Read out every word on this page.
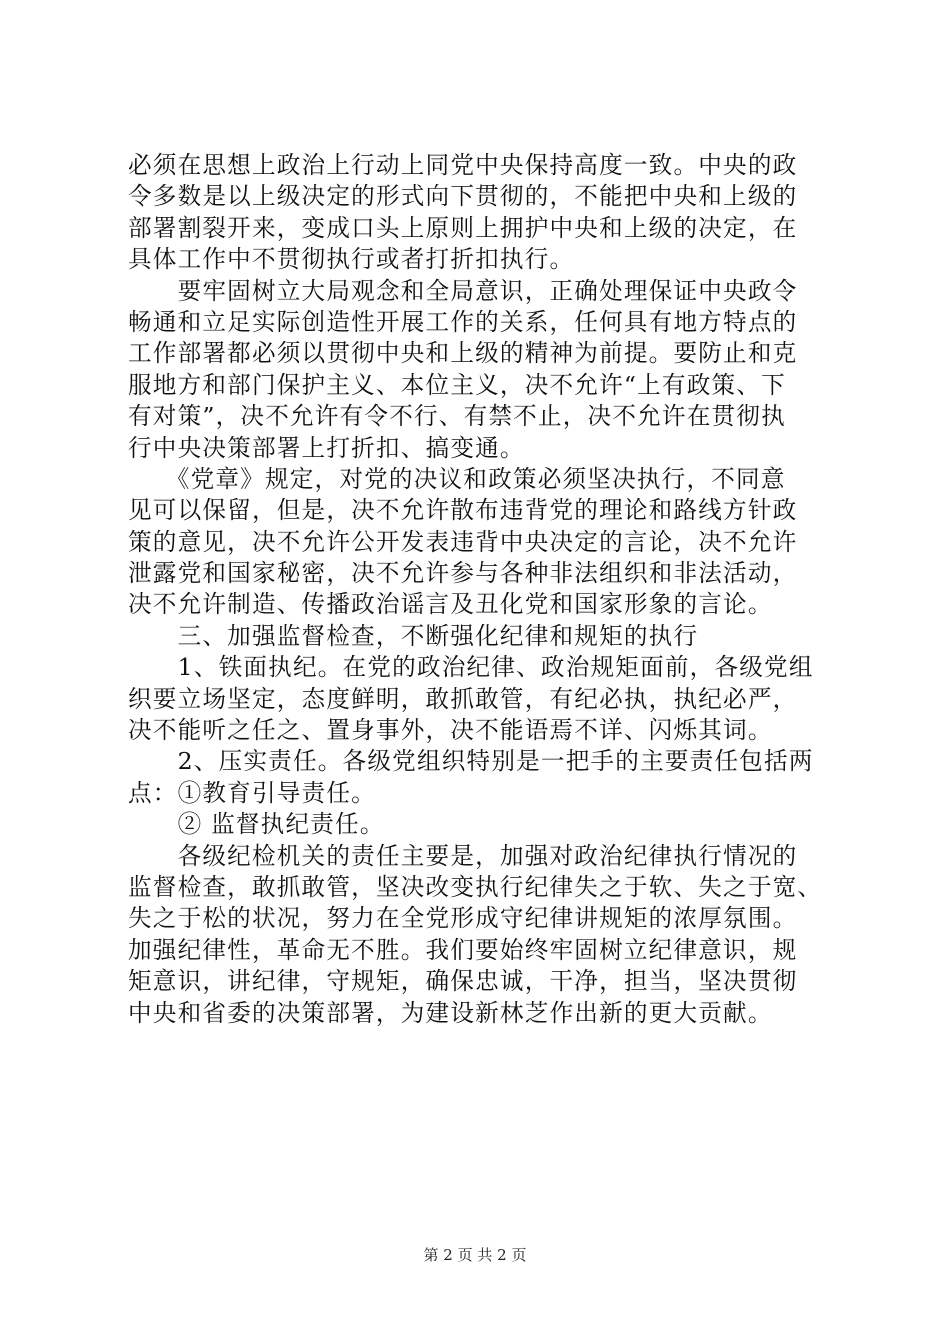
必须在思想上政治上行动上同党中央保持高度一致。中央的政
令多数是以上级决定的形式向下贯彻的，不能把中央和上级的
部署割裂开来，变成口头上原则上拥护中央和上级的决定，在
具体工作中不贯彻执行或者打折扣执行。
　　要牢固树立大局观念和全局意识，正确处理保证中央政令
畅通和立足实际创造性开展工作的关系，任何具有地方特点的
工作部署都必须以贯彻中央和上级的精神为前提。要防止和克
服地方和部门保护主义、本位主义，决不允许“上有政策、下
有对策”，决不允许有令不行、有禁不止，决不允许在贯彻执
行中央决策部署上打折扣、搞变通。
　　《党章》规定，对党的决议和政策必须坚决执行，不同意
见可以保留，但是，决不允许散布违背党的理论和路线方针政
策的意见，决不允许公开发表违背中央决定的言论，决不允许
泄露党和国家秘密，决不允许参与各种非法组织和非法活动，
决不允许制造、传播政治谣言及丑化党和国家形象的言论。
　　三、加强监督检查，不断强化纪律和规矩的执行
　　1、铁面执纪。在党的政治纪律、政治规矩面前，各级党组
织要立场坚定，态度鲜明，敢抓敢管，有纪必执，执纪必严，
决不能听之任之、置身事外，决不能语焉不详、闪烁其词。
　　2、压实责任。各级党组织特别是一把手的主要责任包括两
点：①教育引导责任。
　　② 监督执纪责任。
　　各级纪检机关的责任主要是，加强对政治纪律执行情况的
监督检查，敢抓敢管，坚决改变执行纪律失之于软、失之于宽、
失之于松的状况，努力在全党形成守纪律讲规矩的浓厚氛围。
加强纪律性，革命无不胜。我们要始终牢固树立纪律意识，规
矩意识，讲纪律，守规矩，确保忠诚，干净，担当，坚决贯彻
中央和省委的决策部署，为建设新林芝作出新的更大贡献。
第 2 页 共 2 页
